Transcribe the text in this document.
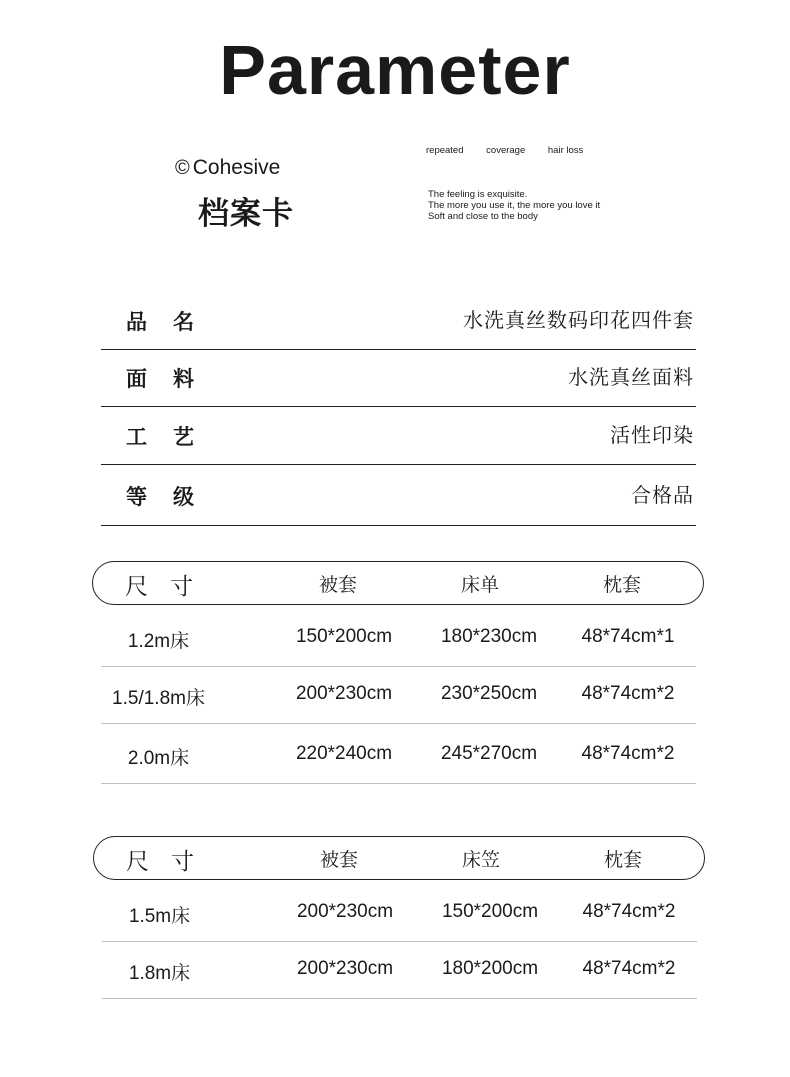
Parameter
© Cohesive
档案卡
repeated coverage hair loss
The feeling is exquisite.
The more you use it, the more you love it
Soft and close to the body
品名	水洗真丝数码印花四件套
面料	水洗真丝面料
工艺	活性印染
等级	合格品
尺寸	被套	床单	枕套
1.2m床	150*200cm	180*230cm	48*74cm*1
1.5/1.8m床	200*230cm	230*250cm	48*74cm*2
2.0m床	220*240cm	245*270cm	48*74cm*2
尺寸	被套	床笠	枕套
1.5m床	200*230cm	150*200cm	48*74cm*2
1.8m床	200*230cm	180*200cm	48*74cm*2
